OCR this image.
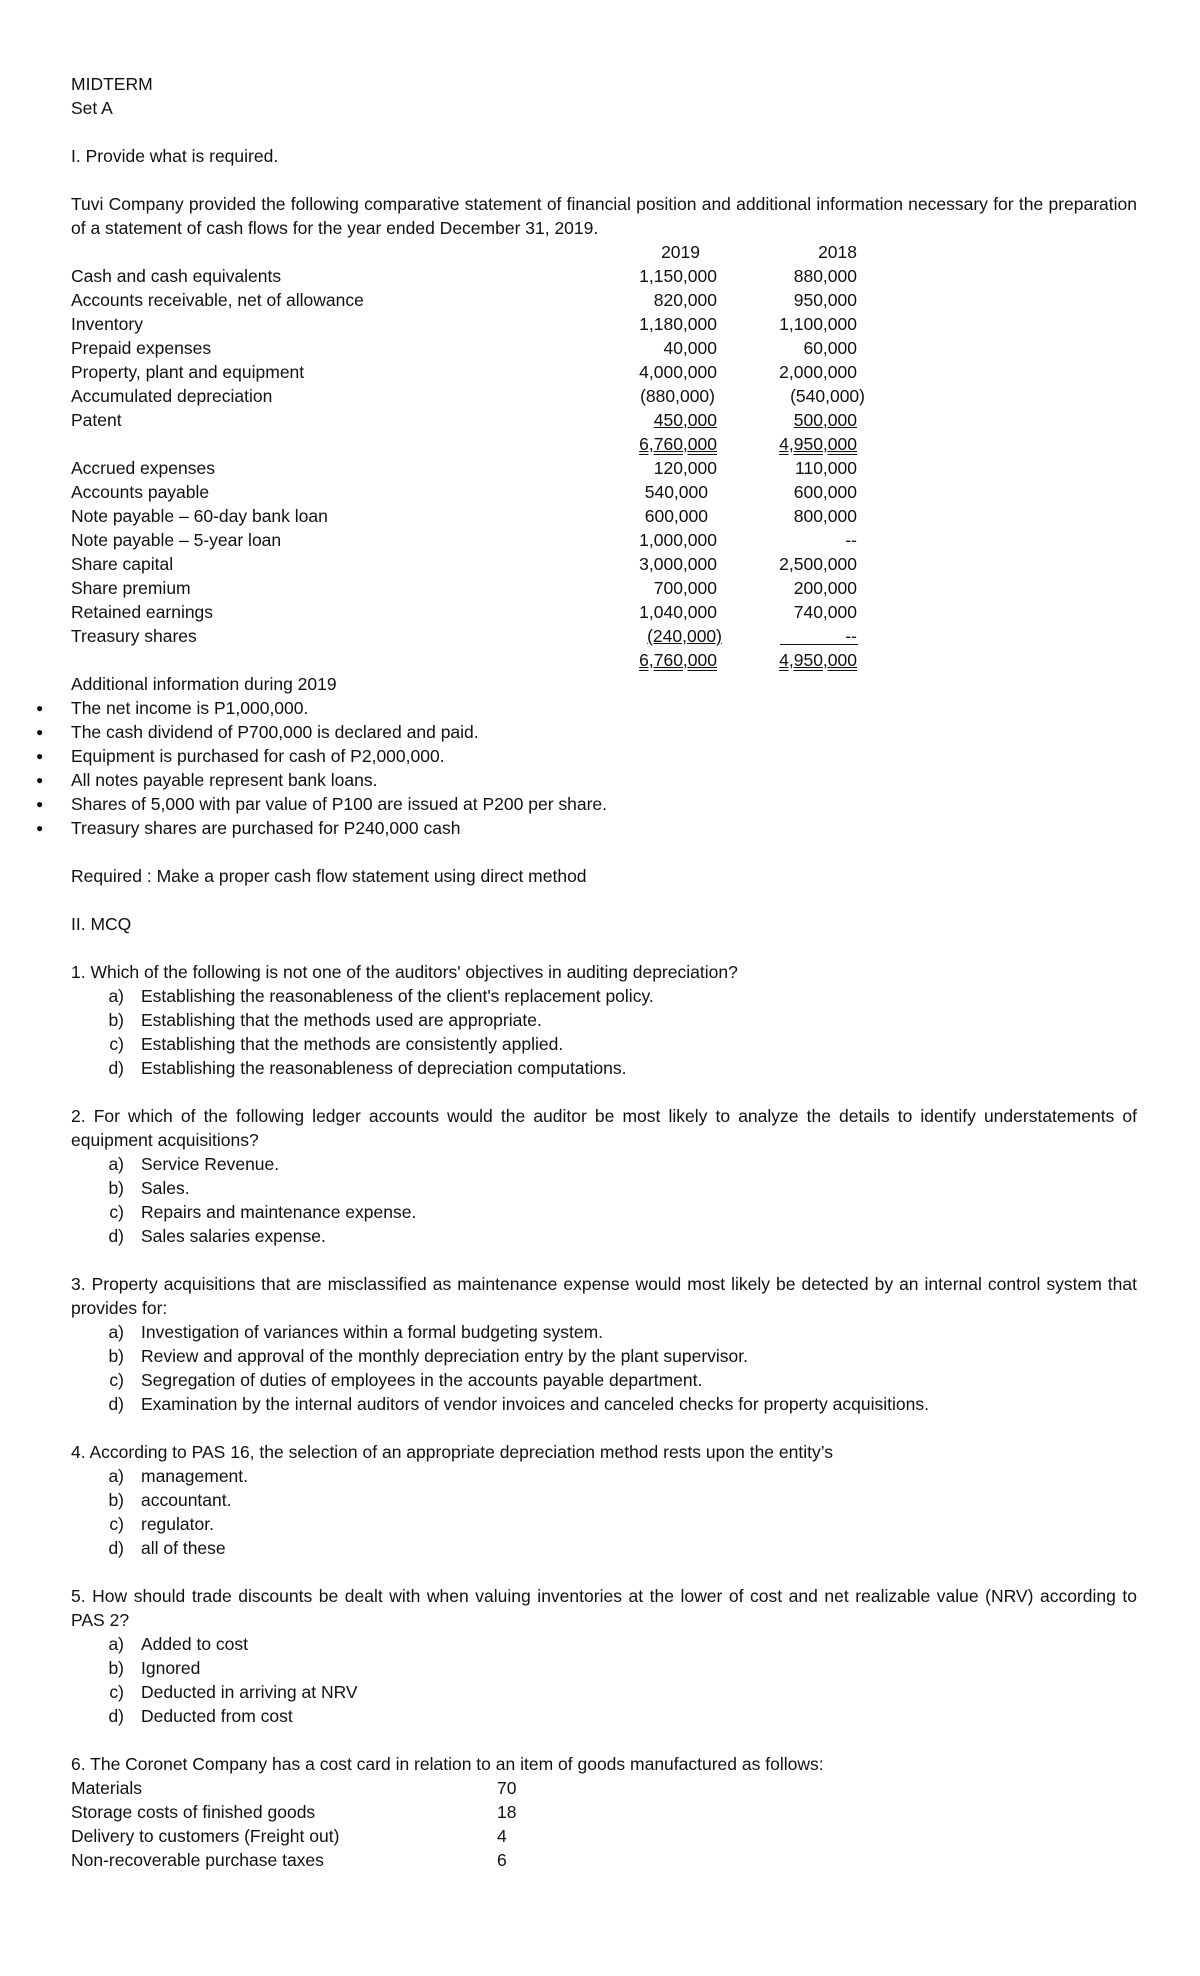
MIDTERM
Set A
I. Provide what is required.
Tuvi Company provided the following comparative statement of financial position and additional information necessary for the preparation of a statement of cash flows for the year ended December 31, 2019.
2019	2018
Cash and cash equivalents	1,150,000	880,000
Accounts receivable, net of allowance	820,000	950,000
Inventory	1,180,000	1,100,000
Prepaid expenses	40,000	60,000
Property, plant and equipment	4,000,000	2,000,000
Accumulated depreciation	(880,000)	(540,000)
Patent	450,000	500,000
6,760,000	4,950,000
Accrued expenses	120,000	110,000
Accounts payable	540,000	600,000
Note payable – 60-day bank loan	600,000	800,000
Note payable – 5-year loan	1,000,000	--
Share capital	3,000,000	2,500,000
Share premium	700,000	200,000
Retained earnings	1,040,000	740,000
Treasury shares	(240,000)	--
6,760,000	4,950,000
Additional information during 2019
● The net income is P1,000,000.
● The cash dividend of P700,000 is declared and paid.
● Equipment is purchased for cash of P2,000,000.
● All notes payable represent bank loans.
● Shares of 5,000 with par value of P100 are issued at P200 per share.
● Treasury shares are purchased for P240,000 cash
Required : Make a proper cash flow statement using direct method
II. MCQ
1. Which of the following is not one of the auditors' objectives in auditing depreciation?
a) Establishing the reasonableness of the client's replacement policy.
b) Establishing that the methods used are appropriate.
c) Establishing that the methods are consistently applied.
d) Establishing the reasonableness of depreciation computations.
2. For which of the following ledger accounts would the auditor be most likely to analyze the details to identify understatements of equipment acquisitions?
a) Service Revenue.
b) Sales.
c) Repairs and maintenance expense.
d) Sales salaries expense.
3. Property acquisitions that are misclassified as maintenance expense would most likely be detected by an internal control system that provides for:
a) Investigation of variances within a formal budgeting system.
b) Review and approval of the monthly depreciation entry by the plant supervisor.
c) Segregation of duties of employees in the accounts payable department.
d) Examination by the internal auditors of vendor invoices and canceled checks for property acquisitions.
4. According to PAS 16, the selection of an appropriate depreciation method rests upon the entity’s
a) management.
b) accountant.
c) regulator.
d) all of these
5. How should trade discounts be dealt with when valuing inventories at the lower of cost and net realizable value (NRV) according to PAS 2?
a) Added to cost
b) Ignored
c) Deducted in arriving at NRV
d) Deducted from cost
6. The Coronet Company has a cost card in relation to an item of goods manufactured as follows:
Materials	70
Storage costs of finished goods	18
Delivery to customers (Freight out)	4
Non-recoverable purchase taxes	6
